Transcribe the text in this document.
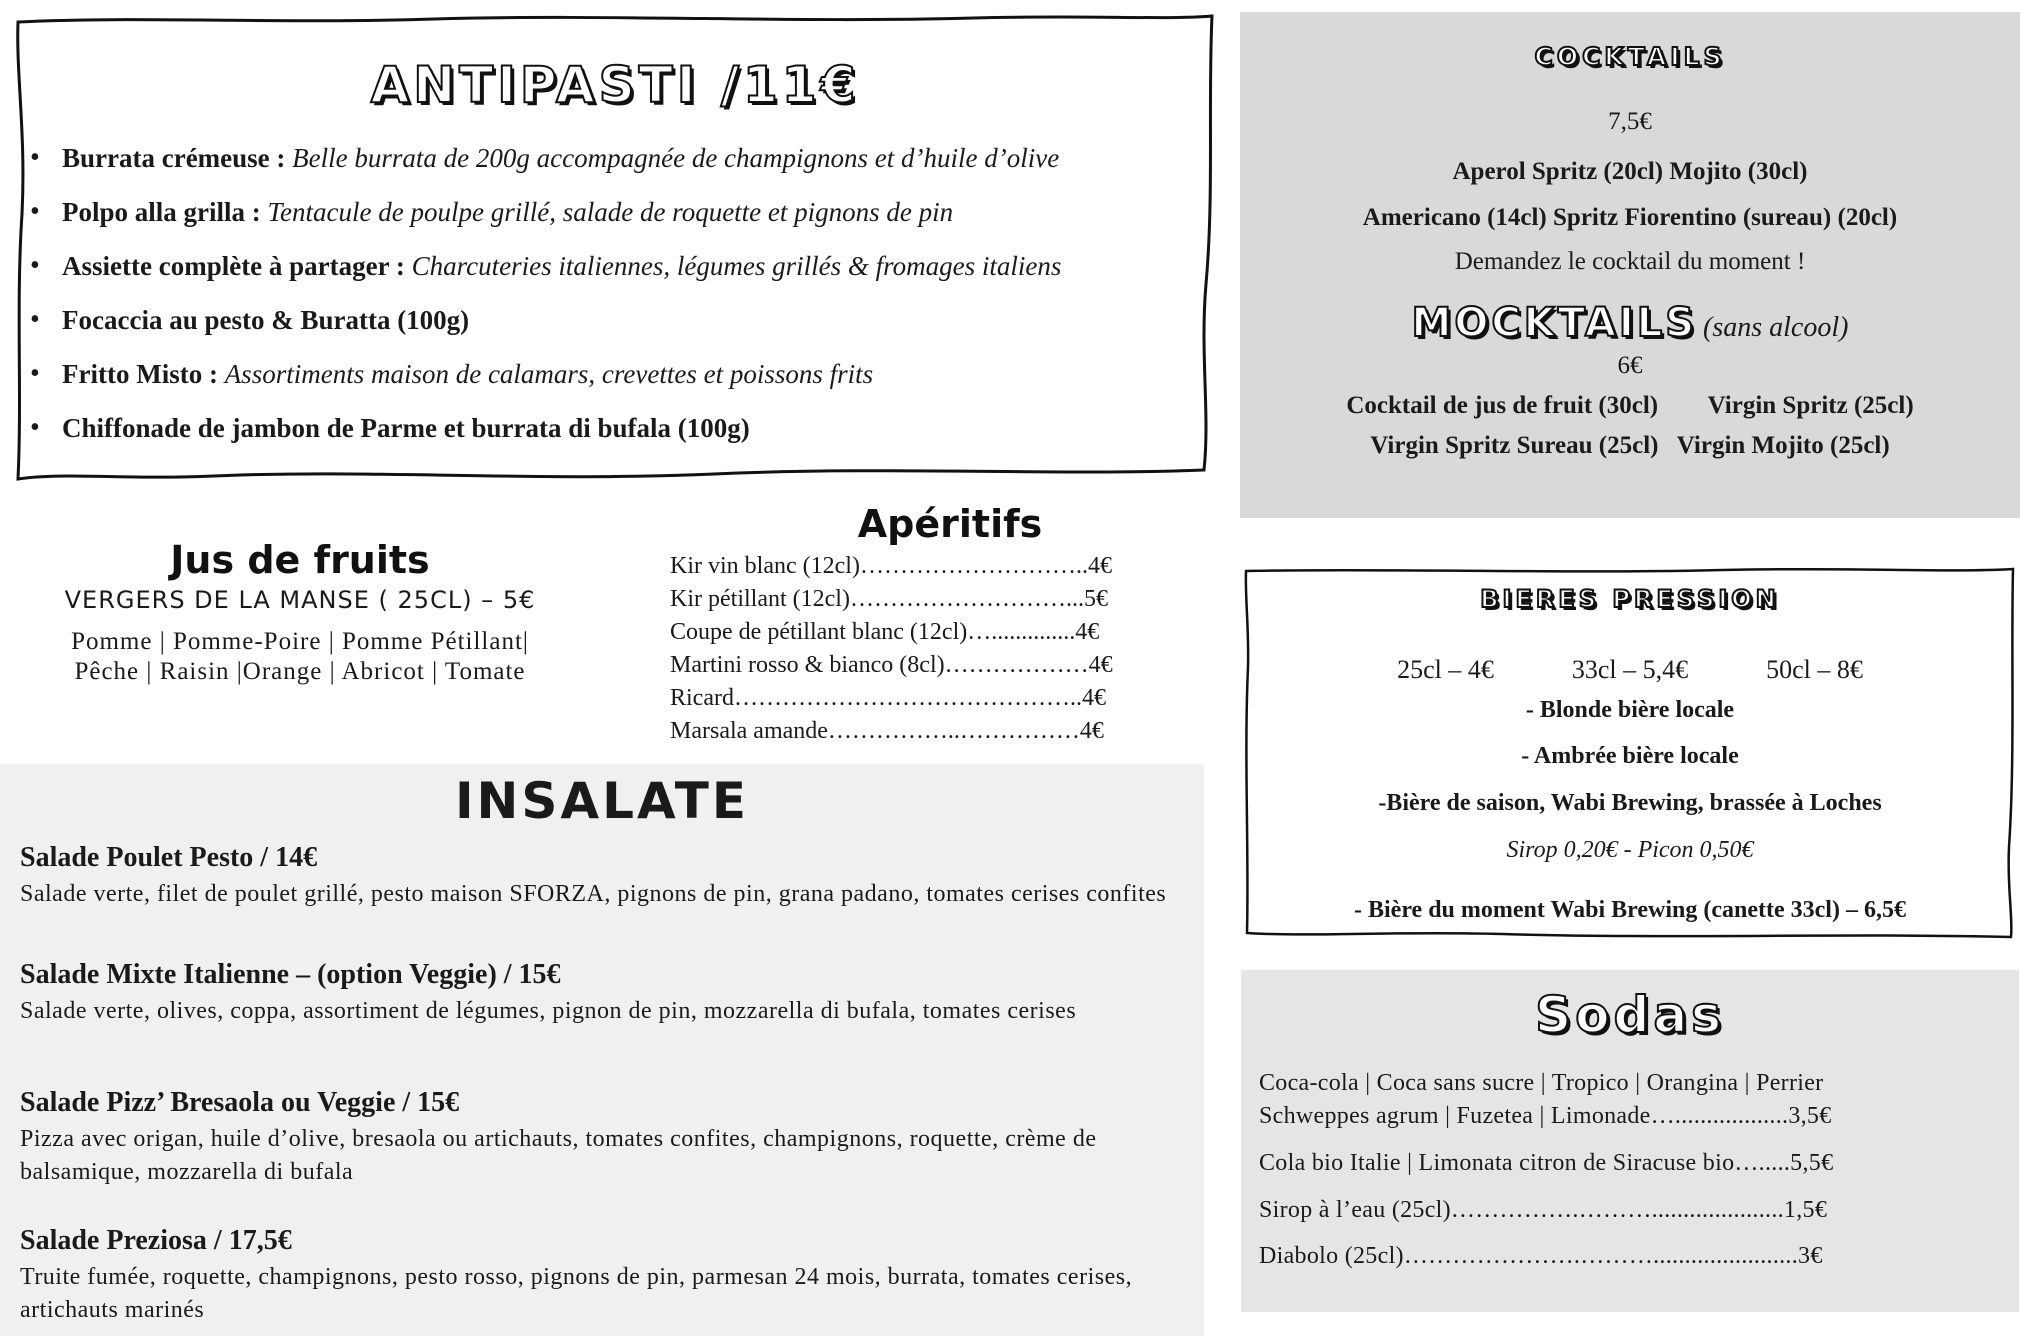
ANTIPASTI /11€
• Burrata crémeuse : Belle burrata de 200g accompagnée de champignons et d’huile d’olive
• Polpo alla grilla : Tentacule de poulpe grillé, salade de roquette et pignons de pin
• Assiette complète à partager : Charcuteries italiennes, légumes grillés & fromages italiens
• Focaccia au pesto & Buratta (100g)
• Fritto Misto : Assortiments maison de calamars, crevettes et poissons frits
• Chiffonade de jambon de Parme et burrata di bufala (100g)
COCKTAILS
7,5€
Aperol Spritz (20cl) Mojito (30cl)
Americano (14cl) Spritz Fiorentino (sureau) (20cl)
Demandez le cocktail du moment !
MOCKTAILS (sans alcool)
6€
Cocktail de jus de fruit (30cl)        Virgin Spritz (25cl)
Virgin Spritz Sureau (25cl)   Virgin Mojito (25cl)
Jus de fruits
VERGERS DE LA MANSE ( 25CL) – 5€
Pomme | Pomme-Poire | Pomme Pétillant|
Pêche | Raisin |Orange | Abricot | Tomate
Apéritifs
Kir vin blanc (12cl)………………………..4€
Kir pétillant (12cl)………………………...5€
Coupe de pétillant blanc (12cl)…..............4€
Martini rosso & bianco (8cl)………………4€
Ricard……………………………………..4€
Marsala amande……………..……………4€
INSALATE
Salade Poulet Pesto / 14€
Salade verte, filet de poulet grillé, pesto maison SFORZA, pignons de pin, grana padano, tomates cerises confites
Salade Mixte Italienne – (option Veggie) / 15€
Salade verte, olives, coppa, assortiment de légumes, pignon de pin, mozzarella di bufala, tomates cerises
Salade Pizz’ Bresaola ou Veggie / 15€
Pizza avec origan, huile d’olive, bresaola ou artichauts, tomates confites, champignons, roquette, crème de balsamique, mozzarella di bufala
Salade Preziosa / 17,5€
Truite fumée, roquette, champignons, pesto rosso, pignons de pin, parmesan 24 mois, burrata, tomates cerises, artichauts marinés
BIERES PRESSION
25cl – 4€            33cl – 5,4€            50cl – 8€
- Blonde bière locale
- Ambrée bière locale
-Bière de saison, Wabi Brewing, brassée à Loches
Sirop 0,20€ - Picon 0,50€
- Bière du moment Wabi Brewing (canette 33cl) – 6,5€
Sodas
Coca-cola | Coca sans sucre | Tropico | Orangina | Perrier
Schweppes agrum | Fuzetea | Limonade…..................3,5€
Cola bio Italie | Limonata citron de Siracuse bio….....5,5€
Sirop à l’eau (25cl)…………….……….....................1,5€
Diabolo (25cl)………………….……….......................3€
